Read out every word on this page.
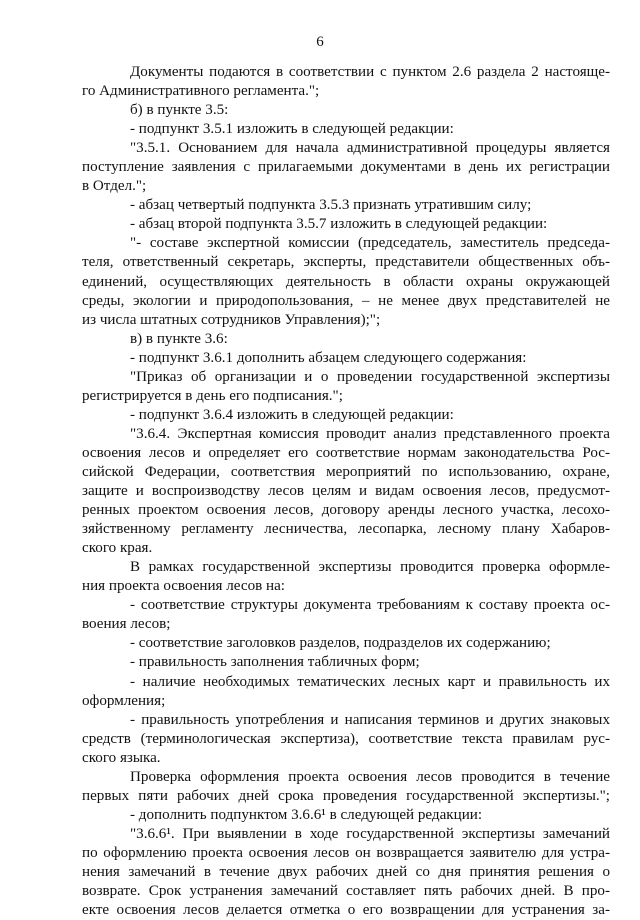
6

Документы подаются в соответствии с пунктом 2.6 раздела 2 настояще-

го Административного регламента.";

б) в пункте 3.5:

- подпункт 3.5.1 изложить в следующей редакции:

"3.5.1. Основанием для начала административной процедуры является

поступление заявления с прилагаемыми документами в день их регистрации

в Отдел.";

- абзац четвертый подпункта 3.5.3 признать утратившим силу;

- абзац второй подпункта 3.5.7 изложить в следующей редакции:

"- составе экспертной комиссии (председатель, заместитель председа-

теля, ответственный секретарь, эксперты, представители общественных объ-

единений, осуществляющих деятельность в области охраны окружающей

среды, экологии и природопользования, – не менее двух представителей не

из числа штатных сотрудников Управления);";

в) в пункте 3.6:

- подпункт 3.6.1 дополнить абзацем следующего содержания:

"Приказ об организации и о проведении государственной экспертизы

регистрируется в день его подписания.";

- подпункт 3.6.4 изложить в следующей редакции:

"3.6.4. Экспертная комиссия проводит анализ представленного проекта

освоения лесов и определяет его соответствие нормам законодательства Рос-

сийской Федерации, соответствия мероприятий по использованию, охране,

защите и воспроизводству лесов целям и видам освоения лесов, предусмот-

ренных проектом освоения лесов, договору аренды лесного участка, лесохо-

зяйственному регламенту лесничества, лесопарка, лесному плану Хабаров-

ского края.

В рамках государственной экспертизы проводится проверка оформле-

ния проекта освоения лесов на:

- соответствие структуры документа требованиям к составу проекта ос-

воения лесов;

- соответствие заголовков разделов, подразделов их содержанию;

- правильность заполнения табличных форм;

- наличие необходимых тематических лесных карт и правильность их

оформления;

- правильность употребления и написания терминов и других знаковых

средств (терминологическая экспертиза), соответствие текста правилам рус-

ского языка.

Проверка оформления проекта освоения лесов проводится в течение

первых пяти рабочих дней срока проведения государственной экспертизы.";

- дополнить подпунктом 3.6.6¹ в следующей редакции:

"3.6.6¹. При выявлении в ходе государственной экспертизы замечаний

по оформлению проекта освоения лесов он возвращается заявителю для устра-

нения замечаний в течение двух рабочих дней со дня принятия решения о

возврате. Срок устранения замечаний составляет пять рабочих дней. В про-

екте освоения лесов делается отметка о его возвращении для устранения за-
